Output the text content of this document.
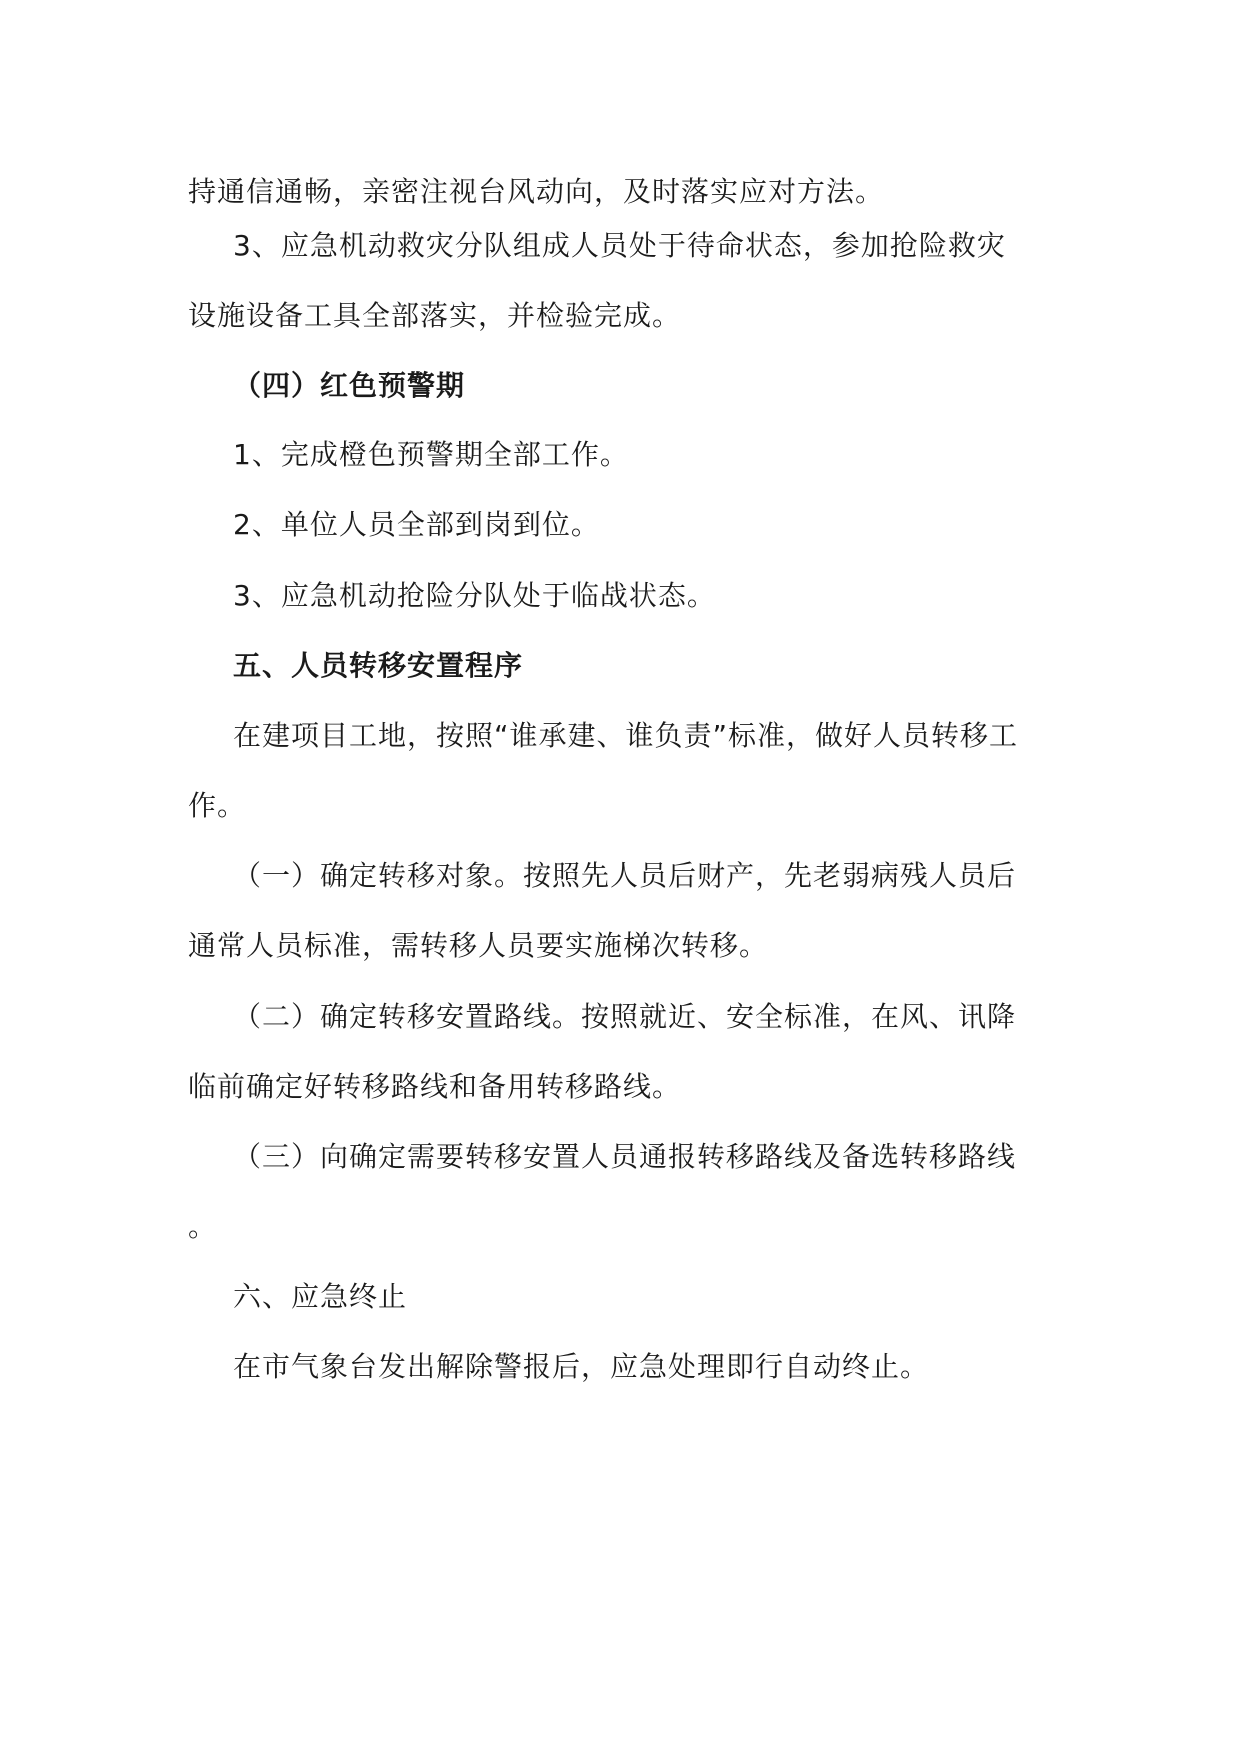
持通信通畅，亲密注视台风动向，及时落实应对方法。
3、应急机动救灾分队组成人员处于待命状态，参加抢险救灾
设施设备工具全部落实，并检验完成。
（四）红色预警期
1、完成橙色预警期全部工作。
2、单位人员全部到岗到位。
3、应急机动抢险分队处于临战状态。
五、人员转移安置程序
在建项目工地，按照“谁承建、谁负责”标准，做好人员转移工
作。
（一）确定转移对象。按照先人员后财产，先老弱病残人员后
通常人员标准，需转移人员要实施梯次转移。
（二）确定转移安置路线。按照就近、安全标准，在风、讯降
临前确定好转移路线和备用转移路线。
（三）向确定需要转移安置人员通报转移路线及备选转移路线
。
六、应急终止
在市气象台发出解除警报后，应急处理即行自动终止。
